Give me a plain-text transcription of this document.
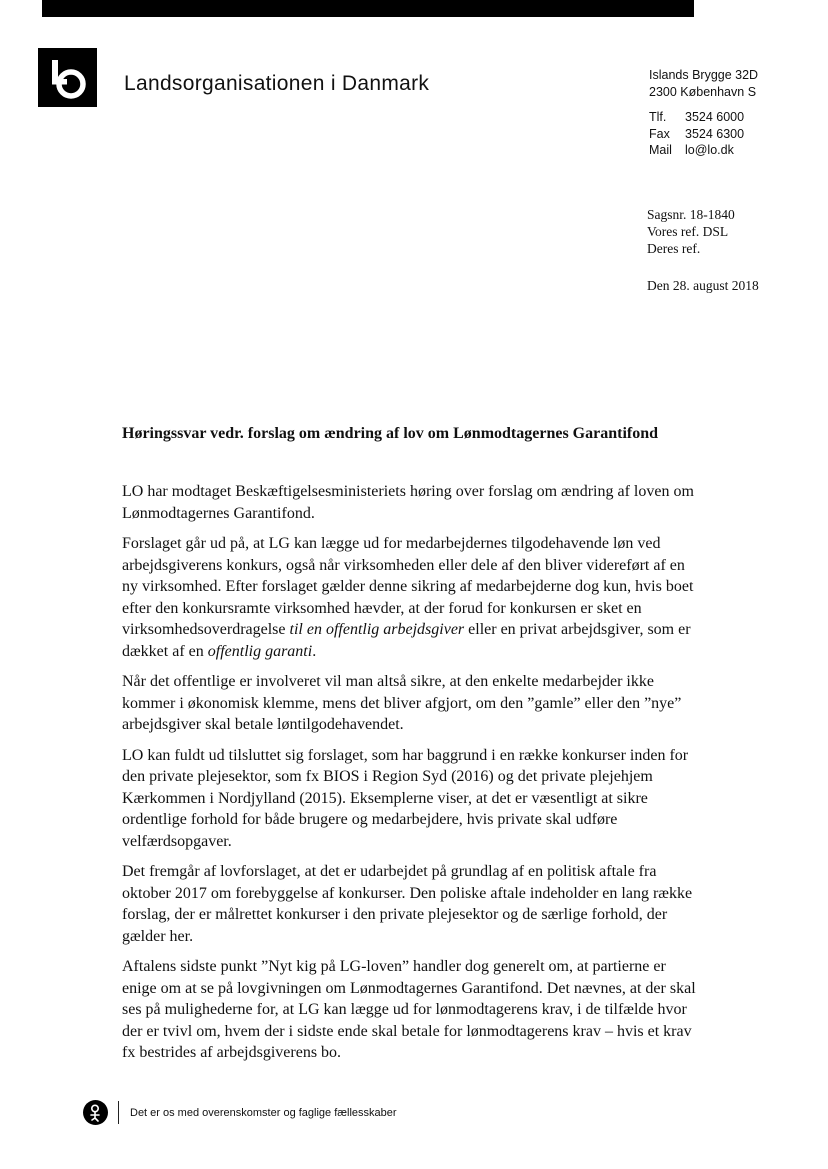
Landsorganisationen i Danmark	Islands Brygge 32D
2300 København S
Tlf.	3524 6000
Fax	3524 6300
Mail	lo@lo.dk
Sagsnr. 18-1840
Vores ref. DSL
Deres ref.
Den 28. august 2018
Høringssvar vedr. forslag om ændring af lov om Lønmodtagernes Garantifond

LO har modtaget Beskæftigelsesministeriets høring over forslag om ændring af loven om Lønmodtagernes Garantifond.

Forslaget går ud på, at LG kan lægge ud for medarbejdernes tilgodehavende løn ved arbejdsgiverens konkurs, også når virksomheden eller dele af den bliver videreført af en ny virksomhed. Efter forslaget gælder denne sikring af medarbejderne dog kun, hvis boet efter den konkursramte virksomhed hævder, at der forud for konkursen er sket en virksomhedsoverdragelse til en offentlig arbejdsgiver eller en privat arbejdsgiver, som er dækket af en offentlig garanti.

Når det offentlige er involveret vil man altså sikre, at den enkelte medarbejder ikke kommer i økonomisk klemme, mens det bliver afgjort, om den ”gamle” eller den ”nye” arbejdsgiver skal betale løntilgodehavendet.

LO kan fuldt ud tilsluttet sig forslaget, som har baggrund i en række konkurser inden for den private plejesektor, som fx BIOS i Region Syd (2016) og det private plejehjem Kærkommen i Nordjylland (2015). Eksemplerne viser, at det er væsentligt at sikre ordentlige forhold for både brugere og medarbejdere, hvis private skal udføre velfærdsopgaver.

Det fremgår af lovforslaget, at det er udarbejdet på grundlag af en politisk aftale fra oktober 2017 om forebyggelse af konkurser. Den poliske aftale indeholder en lang række forslag, der er målrettet konkurser i den private plejesektor og de særlige forhold, der gælder her.

Aftalens sidste punkt ”Nyt kig på LG-loven” handler dog generelt om, at partierne er enige om at se på lovgivningen om Lønmodtagernes Garantifond. Det nævnes, at der skal ses på mulighederne for, at LG kan lægge ud for lønmodtagerens krav, i de tilfælde hvor der er tvivl om, hvem der i sidste ende skal betale for lønmodtagerens krav – hvis et krav fx bestrides af arbejdsgiverens bo.

Det er os med overenskomster og faglige fællesskaber
